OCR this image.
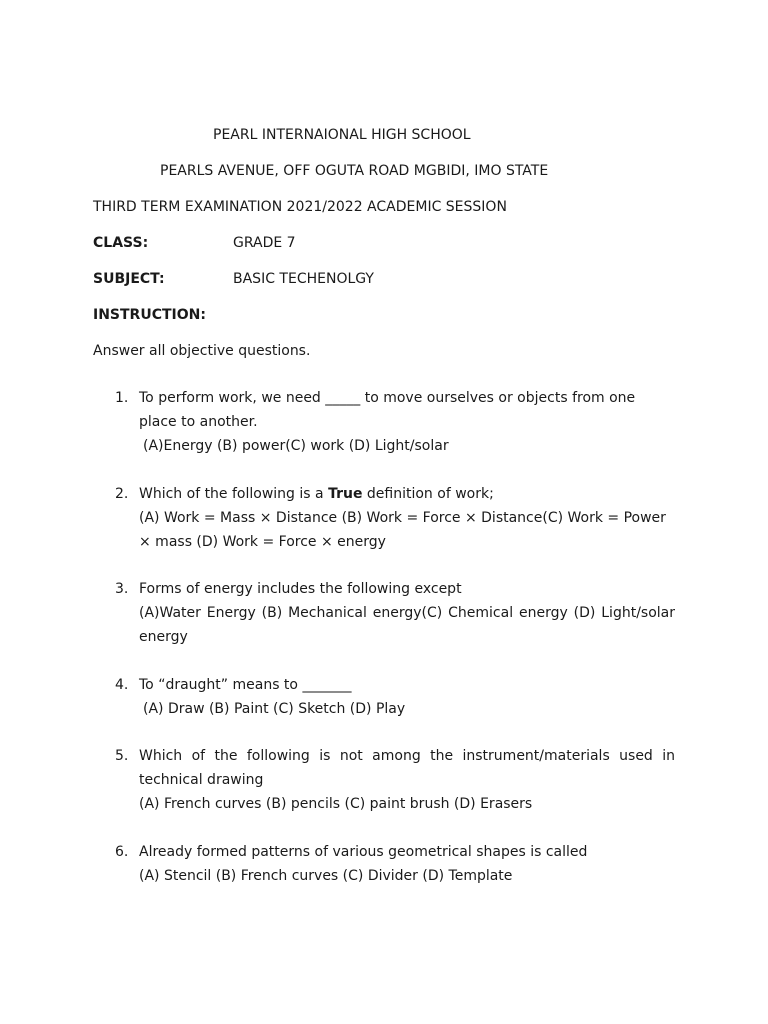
PEARL INTERNAIONAL HIGH SCHOOL
PEARLS AVENUE, OFF OGUTA ROAD MGBIDI, IMO STATE
THIRD TERM EXAMINATION 2021/2022 ACADEMIC SESSION
CLASS:	GRADE 7
SUBJECT:	BASIC TECHENOLGY
INSTRUCTION:
Answer all objective questions.
1. To perform work, we need _____ to move ourselves or objects from one place to another.
(A)Energy (B) power(C) work (D) Light/solar
2. Which of the following is a True definition of work;
(A) Work = Mass × Distance (B) Work = Force × Distance(C) Work = Power × mass (D) Work = Force × energy
3. Forms of energy includes the following except
(A)Water Energy (B) Mechanical energy(C) Chemical energy (D) Light/solar energy
4. To “draught” means to _______
(A) Draw (B) Paint (C) Sketch (D) Play
5. Which of the following is not among the instrument/materials used in technical drawing
(A) French curves (B) pencils (C) paint brush (D) Erasers
6. Already formed patterns of various geometrical shapes is called
(A) Stencil (B) French curves (C) Divider (D) Template
